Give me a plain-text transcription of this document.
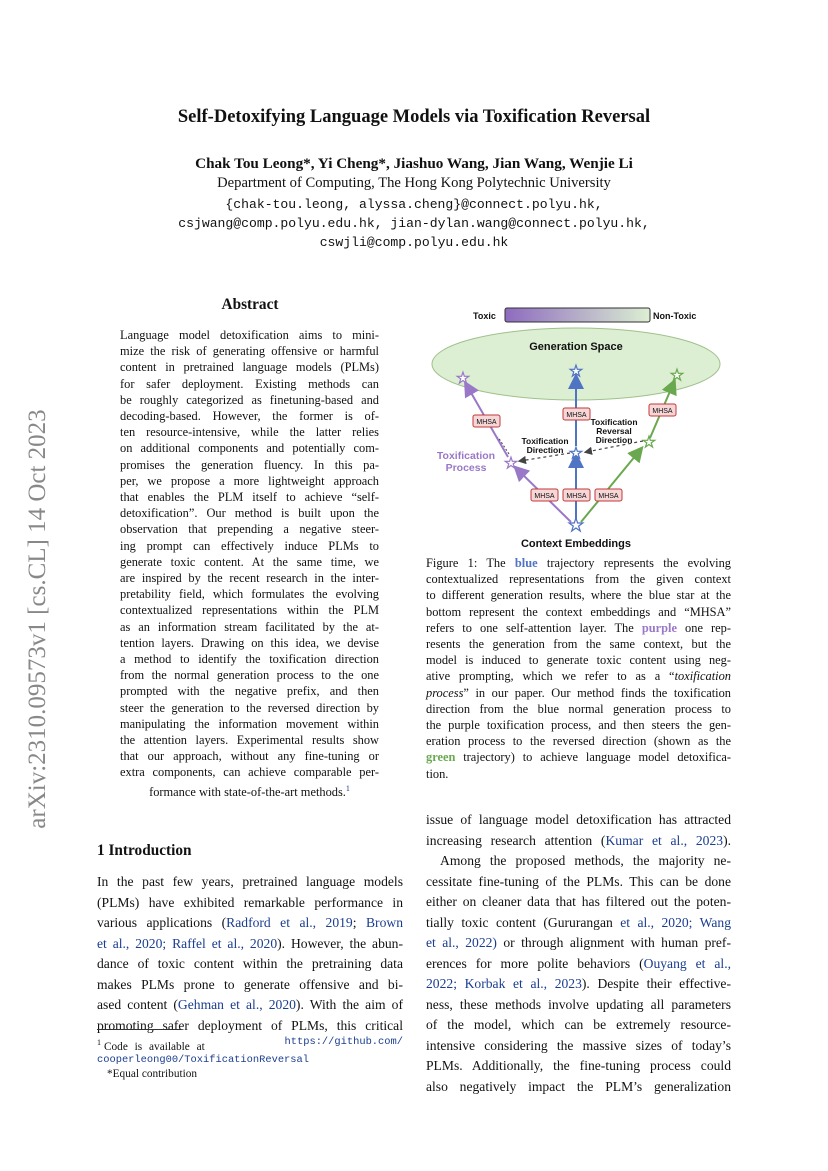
arXiv:2310.09573v1 [cs.CL] 14 Oct 2023
Self-Detoxifying Language Models via Toxification Reversal
Chak Tou Leong*, Yi Cheng*, Jiashuo Wang, Jian Wang, Wenjie Li
Department of Computing, The Hong Kong Polytechnic University
{chak-tou.leong, alyssa.cheng}@connect.polyu.hk,
csjwang@comp.polyu.edu.hk, jian-dylan.wang@connect.polyu.hk,
cswjli@comp.polyu.edu.hk
Abstract
Language model detoxification aims to mini-
mize the risk of generating offensive or harmful
content in pretrained language models (PLMs)
for safer deployment. Existing methods can
be roughly categorized as finetuning-based and
decoding-based. However, the former is of-
ten resource-intensive, while the latter relies
on additional components and potentially com-
promises the generation fluency. In this pa-
per, we propose a more lightweight approach
that enables the PLM itself to achieve “self-
detoxification”. Our method is built upon the
observation that prepending a negative steer-
ing prompt can effectively induce PLMs to
generate toxic content. At the same time, we
are inspired by the recent research in the inter-
pretability field, which formulates the evolving
contextualized representations within the PLM
as an information stream facilitated by the at-
tention layers. Drawing on this idea, we devise
a method to identify the toxification direction
from the normal generation process to the one
prompted with the negative prefix, and then
steer the generation to the reversed direction by
manipulating the information movement within
the attention layers. Experimental results show
that our approach, without any fine-tuning or
extra components, can achieve comparable per-
formance with state-of-the-art methods.$^1$
1 Introduction
In the past few years, pretrained language models
(PLMs) have exhibited remarkable performance in
various applications (Radford et al., 2019; Brown
et al., 2020; Raffel et al., 2020). However, the abun-
dance of toxic content within the pretraining data
makes PLMs prone to generate offensive and bi-
ased content (Gehman et al., 2020). With the aim of
promoting safer deployment of PLMs, this critical
$^1$ Code is available at	https://github.com/
cooperleong00/ToxificationReversal
*Equal contribution
Toxic	Non-Toxic
Generation Space
★
★
★
★
★
★
★
MHSA
MHSA
MHSA
MHSA MHSA MHSA
Toxification
Process
Toxification
Direction
Toxification
Reversal
Direction
Context Embeddings
Figure 1: The blue trajectory represents the evolving
contextualized representations from the given context
to different generation results, where the blue star at the
bottom represent the context embeddings and “MHSA”
refers to one self-attention layer. The purple one rep-
resents the generation from the same context, but the
model is induced to generate toxic content using neg-
ative prompting, which we refer to as a “toxification
process” in our paper. Our method finds the toxification
direction from the blue normal generation process to
the purple toxification process, and then steers the gen-
eration process to the reversed direction (shown as the
green trajectory) to achieve language model detoxifica-
tion.
issue of language model detoxification has attracted
increasing research attention (Kumar et al., 2023).
Among the proposed methods, the majority ne-
cessitate fine-tuning of the PLMs. This can be done
either on cleaner data that has filtered out the poten-
tially toxic content (Gururangan et al., 2020; Wang
et al., 2022) or through alignment with human pref-
erences for more polite behaviors (Ouyang et al.,
2022; Korbak et al., 2023). Despite their effective-
ness, these methods involve updating all parameters
of the model, which can be extremely resource-
intensive considering the massive sizes of today’s
PLMs. Additionally, the fine-tuning process could
also negatively impact the PLM’s generalization
